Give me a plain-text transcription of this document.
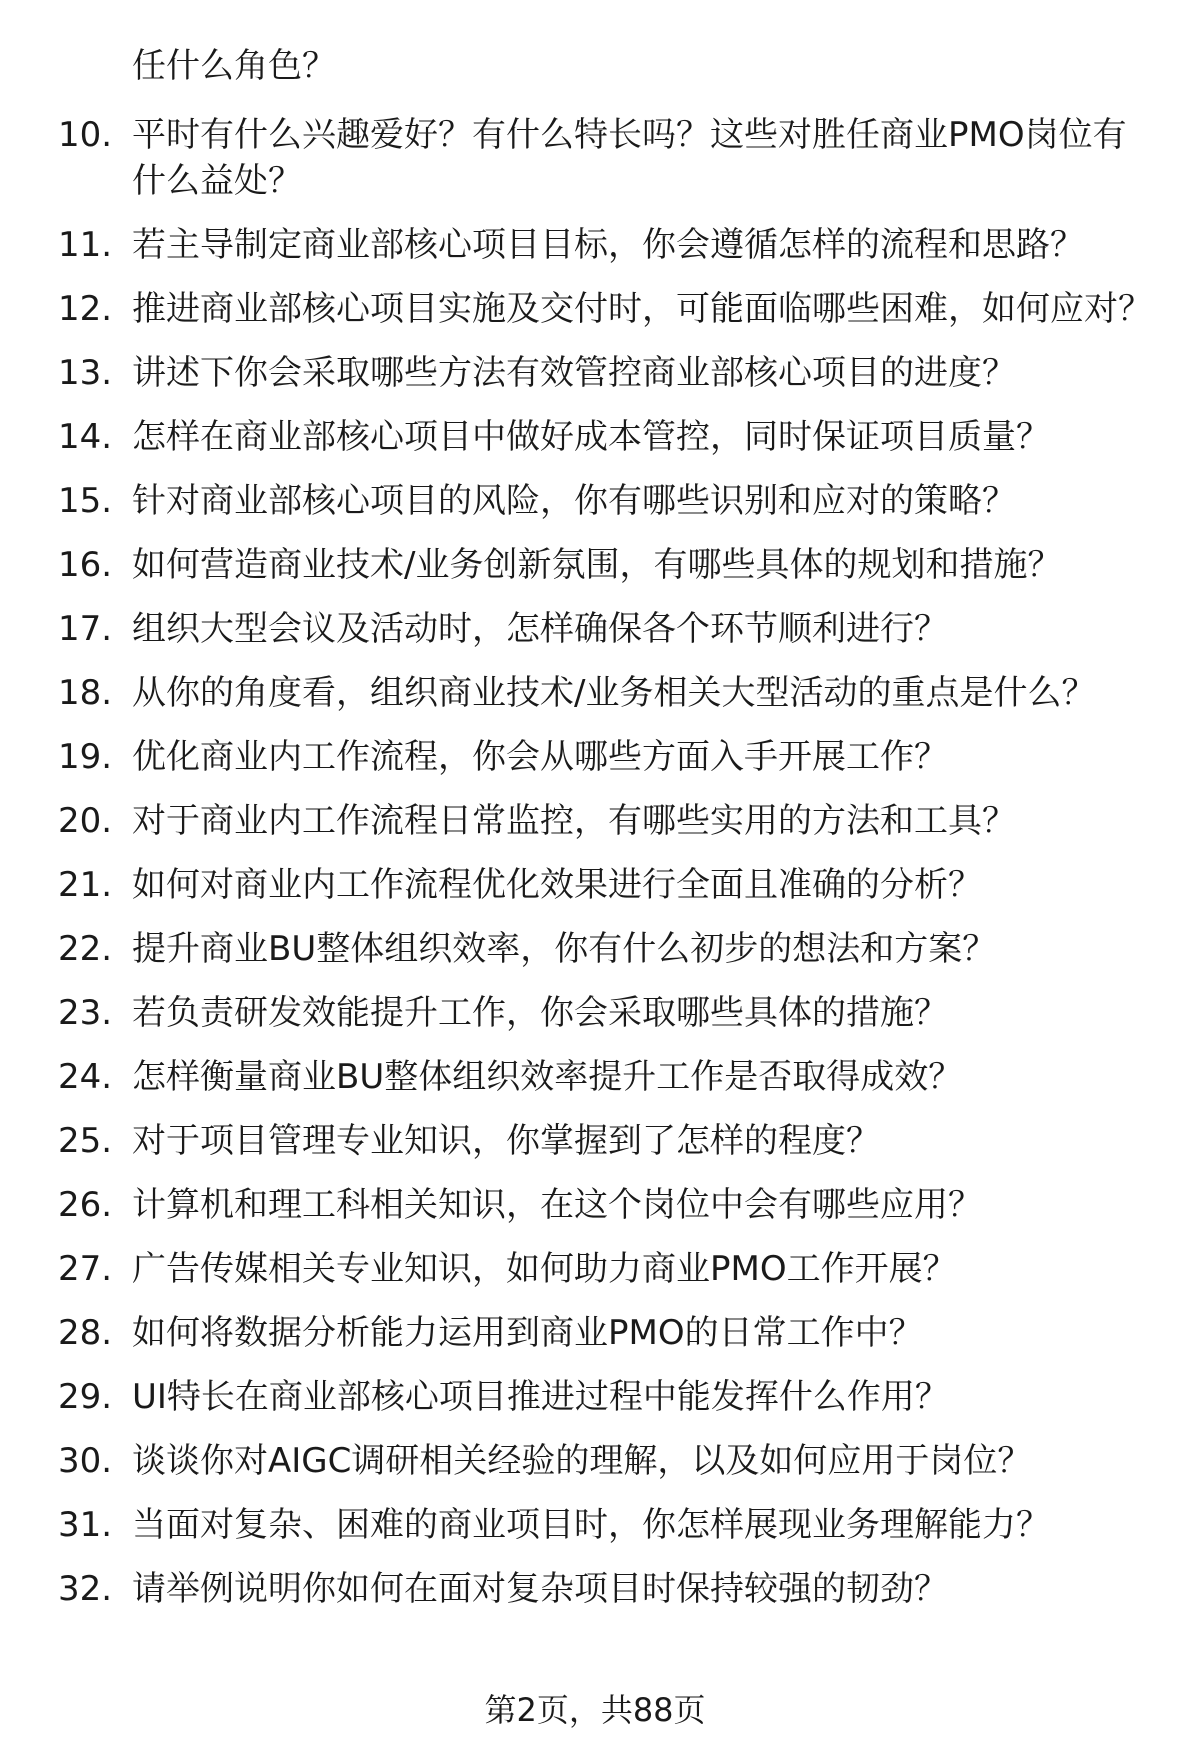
任什么角色？
10. 平时有什么兴趣爱好？有什么特长吗？这些对胜任商业PMO岗位有什么益处？
11. 若主导制定商业部核心项目目标，你会遵循怎样的流程和思路？
12. 推进商业部核心项目实施及交付时，可能面临哪些困难，如何应对？
13. 讲述下你会采取哪些方法有效管控商业部核心项目的进度？
14. 怎样在商业部核心项目中做好成本管控，同时保证项目质量？
15. 针对商业部核心项目的风险，你有哪些识别和应对的策略？
16. 如何营造商业技术/业务创新氛围，有哪些具体的规划和措施？
17. 组织大型会议及活动时，怎样确保各个环节顺利进行？
18. 从你的角度看，组织商业技术/业务相关大型活动的重点是什么？
19. 优化商业内工作流程，你会从哪些方面入手开展工作？
20. 对于商业内工作流程日常监控，有哪些实用的方法和工具？
21. 如何对商业内工作流程优化效果进行全面且准确的分析？
22. 提升商业BU整体组织效率，你有什么初步的想法和方案？
23. 若负责研发效能提升工作，你会采取哪些具体的措施？
24. 怎样衡量商业BU整体组织效率提升工作是否取得成效？
25. 对于项目管理专业知识，你掌握到了怎样的程度？
26. 计算机和理工科相关知识，在这个岗位中会有哪些应用？
27. 广告传媒相关专业知识，如何助力商业PMO工作开展？
28. 如何将数据分析能力运用到商业PMO的日常工作中？
29. UI特长在商业部核心项目推进过程中能发挥什么作用？
30. 谈谈你对AIGC调研相关经验的理解，以及如何应用于岗位？
31. 当面对复杂、困难的商业项目时，你怎样展现业务理解能力？
32. 请举例说明你如何在面对复杂项目时保持较强的韧劲？
第2页，共88页
